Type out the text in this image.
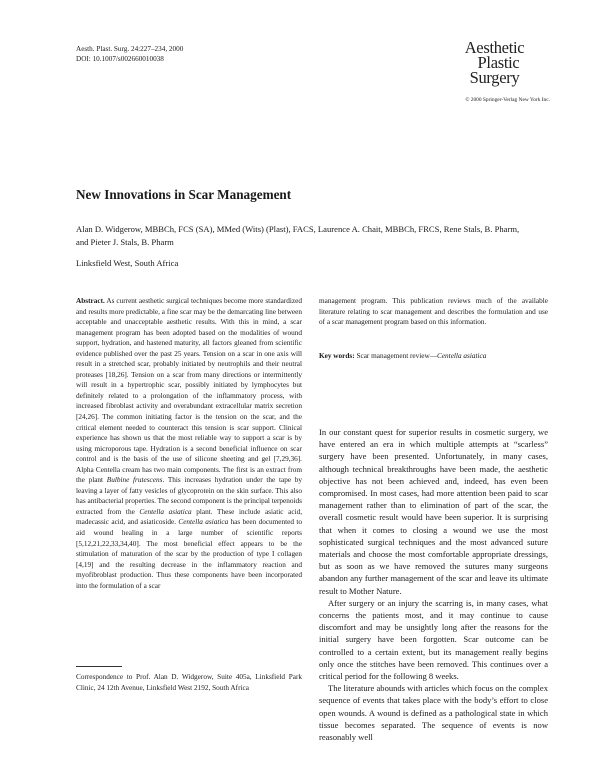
Aesth. Plast. Surg. 24:227–234, 2000
DOI: 10.1007/s002660010038
Aesthetic
Plastic
Surgery
© 2000 Springer-Verlag New York Inc.
New Innovations in Scar Management
Alan D. Widgerow, MBBCh, FCS (SA), MMed (Wits) (Plast), FACS, Laurence A. Chait, MBBCh, FRCS, Rene Stals, B. Pharm, and Pieter J. Stals, B. Pharm
Linksfield West, South Africa
Abstract. As current aesthetic surgical techniques become more standardized and results more predictable, a fine scar may be the demarcating line between acceptable and unacceptable aesthetic results. With this in mind, a scar management program has been adopted based on the modalities of wound support, hydration, and hastened maturity, all factors gleaned from scientific evidence published over the past 25 years. Tension on a scar in one axis will result in a stretched scar, probably initiated by neutrophils and their neutral proteases [18,26]. Tension on a scar from many directions or intermittently will result in a hypertrophic scar, possibly initiated by lymphocytes but definitely related to a prolongation of the inflammatory process, with increased fibroblast activity and overabundant extracellular matrix secretion [24,26]. The common initiating factor is the tension on the scar, and the critical element needed to counteract this tension is scar support. Clinical experience has shown us that the most reliable way to support a scar is by using microporous tape. Hydration is a second beneficial influence on scar control and is the basis of the use of silicone sheeting and gel [7,29,36]. Alpha Centella cream has two main components. The first is an extract from the plant Bulbine frutescens. This increases hydration under the tape by leaving a layer of fatty vesicles of glycoprotein on the skin surface. This also has antibacterial properties. The second component is the principal terpenoids extracted from the Centella asiatica plant. These include asiatic acid, madecassic acid, and asiaticoside. Centella asiatica has been documented to aid wound healing in a large number of scientific reports [5,12,21,22,33,34,40]. The most beneficial effect appears to be the stimulation of maturation of the scar by the production of type I collagen [4,19] and the resulting decrease in the inflammatory reaction and myofibroblast production. Thus these components have been incorporated into the formulation of a scar
management program. This publication reviews much of the available literature relating to scar management and describes the formulation and use of a scar management program based on this information.
Key words: Scar management review—Centella asiatica

In our constant quest for superior results in cosmetic surgery, we have entered an era in which multiple attempts at “scarless” surgery have been presented. Unfortunately, in many cases, although technical breakthroughs have been made, the aesthetic objective has not been achieved and, indeed, has even been compromised. In most cases, had more attention been paid to scar management rather than to elimination of part of the scar, the overall cosmetic result would have been superior. It is surprising that when it comes to closing a wound we use the most sophisticated surgical techniques and the most advanced suture materials and choose the most comfortable appropriate dressings, but as soon as we have removed the sutures many surgeons abandon any further management of the scar and leave its ultimate result to Mother Nature.

After surgery or an injury the scarring is, in many cases, what concerns the patients most, and it may continue to cause discomfort and may be unsightly long after the reasons for the initial surgery have been forgotten. Scar outcome can be controlled to a certain extent, but its management really begins only once the stitches have been removed. This continues over a critical period for the following 8 weeks.

The literature abounds with articles which focus on the complex sequence of events that takes place with the body’s effort to close open wounds. A wound is defined as a pathological state in which tissue becomes separated. The sequence of events is now reasonably well

Correspondence to Prof. Alan D. Widgerow, Suite 405a, Linksfield Park Clinic, 24 12th Avenue, Linksfield West 2192, South Africa
